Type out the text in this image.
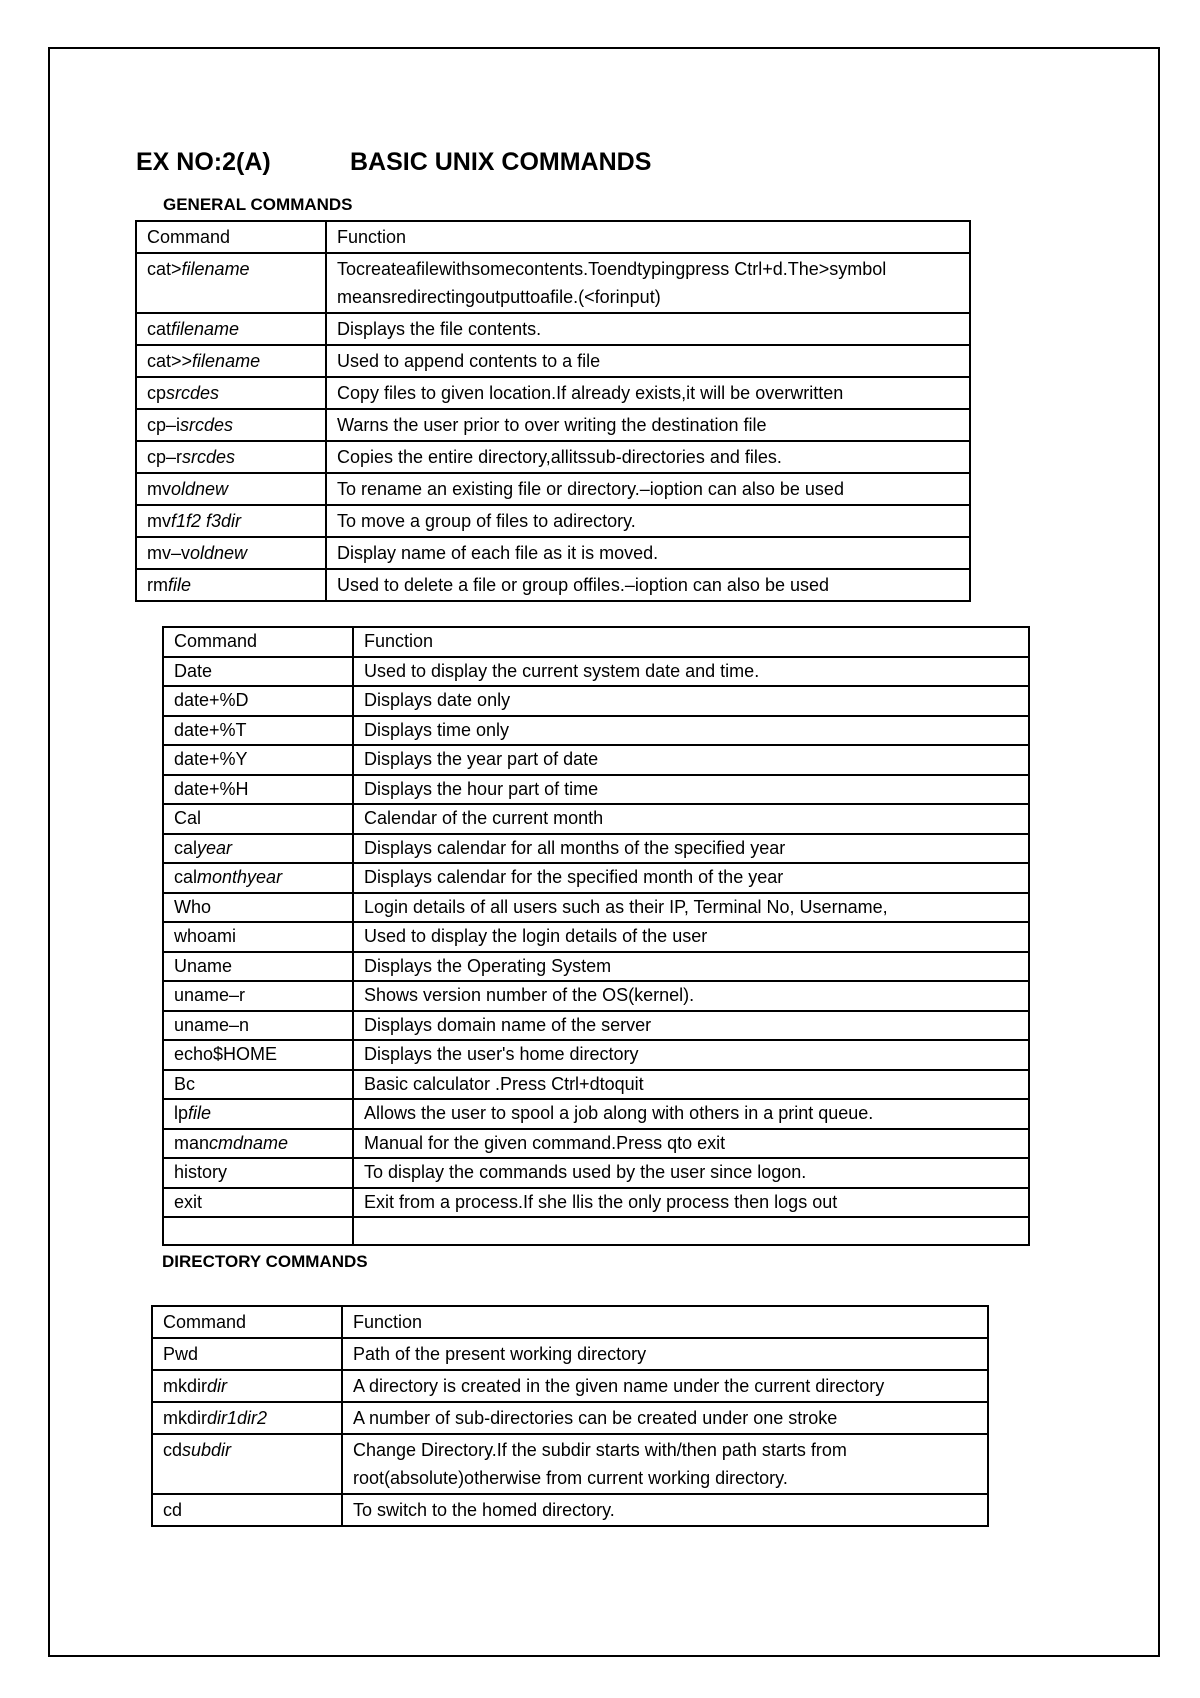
EX NO:2(A)	BASIC UNIX COMMANDS
GENERAL COMMANDS
Command	Function
cat>filename	Tocreateafilewithsomecontents.Toendtypingpress Ctrl+d.The>symbol meansredirectingoutputtoafile.(<forinput)
catfilename	Displays the file contents.
cat>>filename	Used to append contents to a file
cpsrcdes	Copy files to given location.If already exists,it will be overwritten
cp–isrcdes	Warns the user prior to over writing the destination file
cp–rsrcdes	Copies the entire directory,allitssub-directories and files.
mvoldnew	To rename an existing file or directory.–ioption can also be used
mvf1f2 f3dir	To move a group of files to adirectory.
mv–voldnew	Display name of each file as it is moved.
rmfile	Used to delete a file or group offiles.–ioption can also be used
Command	Function
Date	Used to display the current system date and time.
date+%D	Displays date only
date+%T	Displays time only
date+%Y	Displays the year part of date
date+%H	Displays the hour part of time
Cal	Calendar of the current month
calyear	Displays calendar for all months of the specified year
calmonthyear	Displays calendar for the specified month of the year
Who	Login details of all users such as their IP, Terminal No, Username,
whoami	Used to display the login details of the user
Uname	Displays the Operating System
uname–r	Shows version number of the OS(kernel).
uname–n	Displays domain name of the server
echo$HOME	Displays the user's home directory
Bc	Basic calculator .Press Ctrl+dtoquit
lpfile	Allows the user to spool a job along with others in a print queue.
mancmdname	Manual for the given command.Press qto exit
history	To display the commands used by the user since logon.
exit	Exit from a process.If she llis the only process then logs out

DIRECTORY COMMANDS
Command	Function
Pwd	Path of the present working directory
mkdirdir	A directory is created in the given name under the current directory
mkdirdir1dir2	A number of sub-directories can be created under one stroke
cdsubdir	Change Directory.If the subdir starts with/then path starts from root(absolute)otherwise from current working directory.
cd	To switch to the homed directory.
